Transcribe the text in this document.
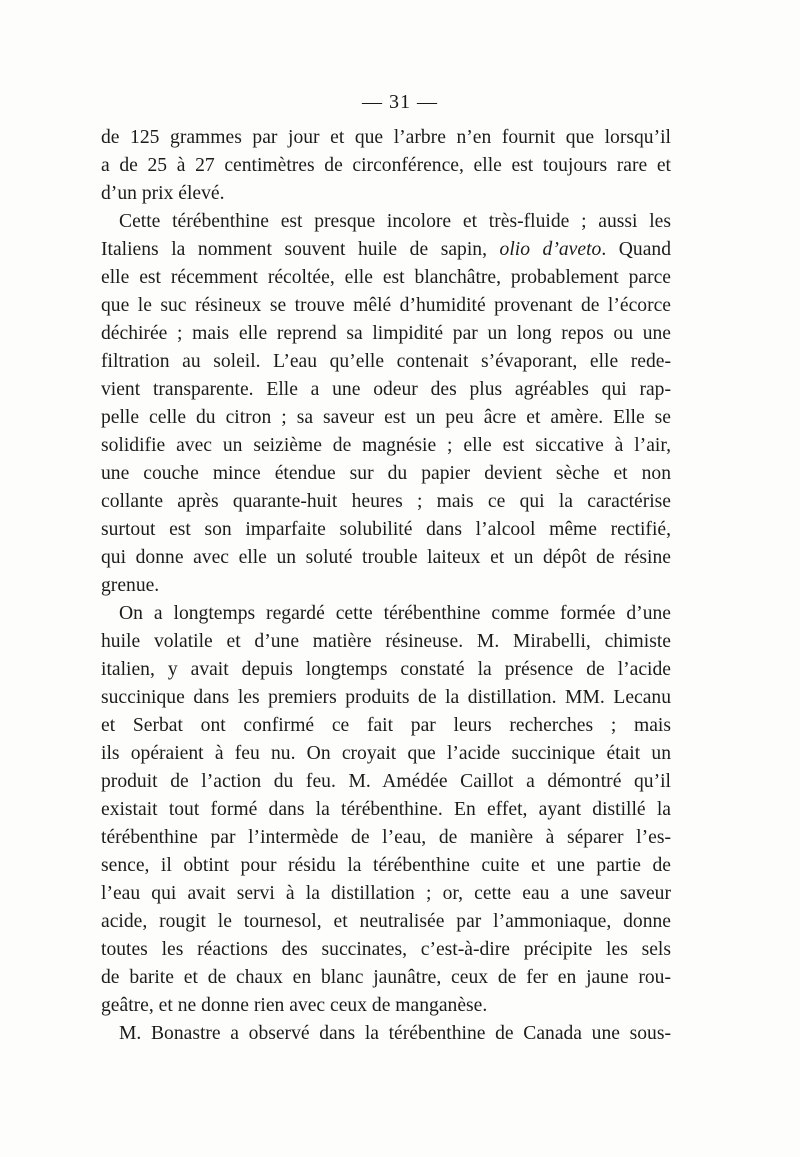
— 31 —
de 125 grammes par jour et que l’arbre n’en fournit que lorsqu’il
a de 25 à 27 centimètres de circonférence, elle est toujours rare et
d’un prix élevé.
Cette térébenthine est presque incolore et très-fluide ; aussi les
Italiens la nomment souvent huile de sapin, olio d’aveto. Quand
elle est récemment récoltée, elle est blanchâtre, probablement parce
que le suc résineux se trouve mêlé d’humidité provenant de l’écorce
déchirée ; mais elle reprend sa limpidité par un long repos ou une
filtration au soleil. L’eau qu’elle contenait s’évaporant, elle rede-
vient transparente. Elle a une odeur des plus agréables qui rap-
pelle celle du citron ; sa saveur est un peu âcre et amère. Elle se
solidifie avec un seizième de magnésie ; elle est siccative à l’air,
une couche mince étendue sur du papier devient sèche et non
collante après quarante-huit heures ; mais ce qui la caractérise
surtout est son imparfaite solubilité dans l’alcool même rectifié,
qui donne avec elle un soluté trouble laiteux et un dépôt de résine
grenue.
On a longtemps regardé cette térébenthine comme formée d’une
huile volatile et d’une matière résineuse. M. Mirabelli, chimiste
italien, y avait depuis longtemps constaté la présence de l’acide
succinique dans les premiers produits de la distillation. MM. Lecanu
et Serbat ont confirmé ce fait par leurs recherches ; mais
ils opéraient à feu nu. On croyait que l’acide succinique était un
produit de l’action du feu. M. Amédée Caillot a démontré qu’il
existait tout formé dans la térébenthine. En effet, ayant distillé la
térébenthine par l’intermède de l’eau, de manière à séparer l’es-
sence, il obtint pour résidu la térébenthine cuite et une partie de
l’eau qui avait servi à la distillation ; or, cette eau a une saveur
acide, rougit le tournesol, et neutralisée par l’ammoniaque, donne
toutes les réactions des succinates, c’est-à-dire précipite les sels
de barite et de chaux en blanc jaunâtre, ceux de fer en jaune rou-
geâtre, et ne donne rien avec ceux de manganèse.
M. Bonastre a observé dans la térébenthine de Canada une sous-
